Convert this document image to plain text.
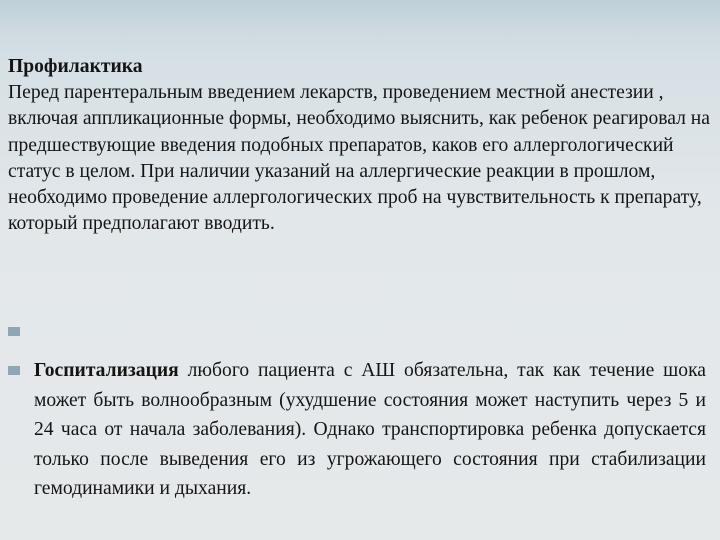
Профилактика
Перед парентеральным введением лекарств, проведением местной анестезии , включая аппликационные формы, необходимо выяснить, как ребенок реагировал на предшествующие введения подобных препаратов, каков его аллергологический статус в целом. При наличии указаний на аллергические реакции в прошлом, необходимо проведение аллергологических проб на чувствительность к препарату, который предполагают вводить.
Госпитализация любого пациента с АШ обязательна, так как течение шока может быть волнообразным (ухудшение состояния может наступить через 5 и 24 часа от начала заболевания). Однако транспортировка ребенка допускается только после выведения его из угрожающего состояния при стабилизации гемодинамики и дыхания.
